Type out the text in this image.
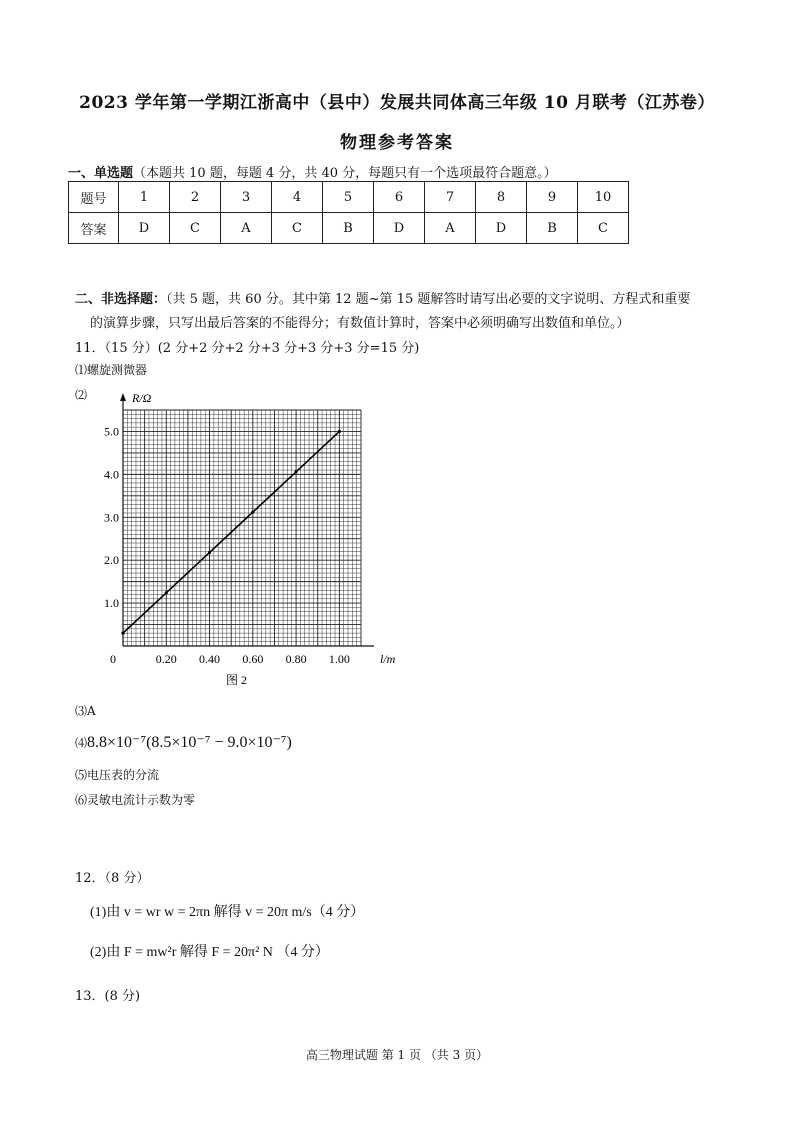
2023 学年第一学期江浙高中（县中）发展共同体高三年级 10 月联考（江苏卷）
物理参考答案
一、单选题（本题共 10 题，每题 4 分，共 40 分，每题只有一个选项最符合题意。）
题号	1	2	3	4	5	6	7	8	9	10
答案	D	C	A	C	B	D	A	D	B	C
二、非选择题：（共 5 题，共 60 分。其中第 12 题~第 15 题解答时请写出必要的文字说明、方程式和重要
的演算步骤，只写出最后答案的不能得分；有数值计算时，答案中必须明确写出数值和单位。）
11．（15 分）(2 分+2 分+2 分+3 分+3 分+3 分=15 分)
⑴螺旋测微器
⑵
0.20 0.40 0.60 0.80 1.00
1.0
2.0
3.0
4.0
5.0
R/Ω
l/m
0
图 2
⑶A
⑷8.8×10⁻⁷(8.5×10⁻⁷ − 9.0×10⁻⁷)
⑸电压表的分流
⑹灵敏电流计示数为零
12．（8 分）
(1)由 v = wr w = 2πn 解得 v = 20π m/s（4 分）
(2)由 F = mw²r 解得 F = 20π² N （4 分）
13．(8 分)
高三物理试题 第 1 页 （共 3 页）
